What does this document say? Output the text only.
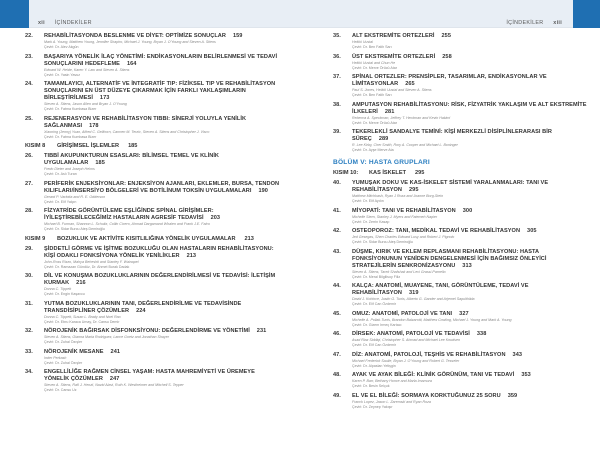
xii İÇİNDEKİLER
22.	REHABİLİTASYONDA BESLENME VE DİYET: OPTİMİZE SONUÇLAR 159
Mark A. Young, Matthew Young, Jennifer Shapiro, Michael J. Young, Bryan J. O'Young and Steven A. Stiens
Çeviri: Dr. Alev Akgün
23.	BAŞARIYA YÖNELİK İLAÇ YÖNETİMİ: ENDİKASYONLARIN BELİRLENMESİ VE TEDAVİ SONUÇLARINI HEDEFLEME 164
Edward W. Heide, Karen Y. Law and Steven A. Stiens
Çeviri: Dr. Yasin Yavuz
24.	TAMAMLAYICI, ALTERNATİF VE İNTEGRATİF TIP: FİZİKSEL TIP VE REHABİLİTASYON SONUÇLARINI EN ÜST DÜZEYE ÇIKARMAK İÇİN FARKLI YAKLAŞIMLARIN BİRLEŞTİRİLMESİ 173
Steven A. Stiens, Jason Allen and Bryan J. O'Young
Çeviri: Dr. Fatma Kumbasa Bizer
25.	REJENERASYON VE REHABİLİTASYON TIBBI: SİNERJİ YOLUYLA YENİLİK SAĞLANMASI 178
Xiaoning (Jenny) Yuan, Alfred C. Gellhorn, Carmen M. Terzic, Steven A. Stiens and Christopher J. Visco
Çeviri: Dr. Fatma Kumbasa Bizer
KISIM 8	GİRİŞİMSEL İŞLEMLER 185
26.	TIBBİ AKUPUNKTURUN ESASLARI: BİLİMSEL TEMEL VE KLİNİK UYGULAMALAR 185
Fredo Dieter and Joseph Helms
Çeviri: Dr. Aslı Turan
27.	PERİFERİK ENJEKSİYONLAR: ENJEKSİYON AJANLARI, EKLEMLER, BURSA, TENDON KILIFLARI/İNSERSİYO BÖLGELERİ VE BOTİLİNUM TOKSİN UYGULAMALARI 190
Gerard P. Varlotta and R. E. Odderson
Çeviri: Dr. Elif Yalçın
28.	FİZYATRİDE GÖRÜNTÜLEME EŞLİĞİNDE SPİNAL GİRİŞİMLER: İYİLEŞTİREBİLECEĞİMİZ HASTALARIN AGRESİF TEDAVİSİ 203
Michael B. Furman, Shannon L. Schultz, Collin Cicero, Ahmad Dargamand Whalen and Frank J.E. Falco
Çeviri: Dr. Sidar Burcu Ateş Demiroğlu
KISIM 9	BOZUKLUK VE AKTİVİTE KISITLILIĞINA YÖNELİK UYGULAMALAR 213
29.	ŞİDDETLİ GÖRME VE İŞİTME BOZUKLUĞU OLAN HASTALARIN REHABİLİTASYONU: KİŞİ ODAKLI FONKSİYONA YÖNELİK YENİLİKLER 213
John-Ross Rizzo, Mahya Beheshti and Stanley F. Wainapel
Çeviri: Dr. Ramazan Gündüz, Dr. Ahmet Burak Dadak
30.	DİL VE KONUŞMA BOZUKLUKLARININ DEĞERLENDİRİLMESİ VE TEDAVİSİ: İLETİŞİM KURMAK 216
Donna C. Tippett
Çeviri: Dr. Engin Kaşavcu
31.	YUTMA BOZUKLUKLARININ TANI, DEĞERLENDİRİLME VE TEDAVİSİNDE TRANSDİSİPLİNER ÇÖZÜMLER 224
Donna C. Tippett, Susan L. Brady and Noel Rao
Çeviri: Dr. Ebru Karaca Umay, Dr. Cansu Demir
32.	NÖROJENİK BAĞIRSAK DİSFONKSİYONU: DEĞERLENDİRME VE YÖNETİMİ 231
Steven A. Stiens, Gianna Maria Rodriguez, Lance Goetz and Jonathan Shayer
Çeviri: Dr. Zuhal Özışler
33.	NÖROJENİK MESANE 241
Inder Perkash
Çeviri: Dr. Zuhal Özışler
34.	ENGELLİLİĞE RAĞMEN CİNSEL YAŞAM: HASTA MAHREMİYETİ VE ÜREMEYE YÖNELİK ÇÖZÜMLER 247
Steven A. Stiens, Rafi J. Heruti, Navid Alavi, Ruth K. Westheimer and Mitchell S. Tepper
Çeviri: Dr. Cansu Uz
İÇİNDEKİLER xiii
35.	ALT EKSTREMİTE ORTEZLERİ 255
Heikki Uustal
Çeviri: Dr. Ben Fatih Sarı
36.	ÜST EKSTREMİTE ORTEZLERİ 258
Heikki Uustal and Chun He
Çeviri: Dr. Merve Örücü Atar
37.	SPİNAL ORTEZLER: PRENSİPLER, TASARIMLAR, ENDİKASYONLAR VE LİMİTASYONLAR 265
Paul S. Jones, Heikki Uustal and Steven A. Stiens
Çeviri: Dr. Ben Fatih Sarı
38.	AMPUTASYON REHABİLİTASYONU: RİSK, FİZYATRİK YAKLAŞIM VE ALT EKSTREMİTE İLKELERİ 281
Rebecca A. Speckman, Jeffrey T. Heckman and Kevin Hakimi
Çeviri: Dr. Merve Örücü Atar
39.	TEKERLEKLİ SANDALYE TEMİNİ: KİŞİ MERKEZLİ DİSİPLİNLERARASI BİR SÜREÇ 289
R. Lee Kirby, Cher Smith, Rory A. Cooper and Michael L. Boninger
Çeviri: Dr. Ayşe Merve Ata
BÖLÜM V: HASTA GRUPLARI
KISIM 10:	KAS İSKELET 295
40.	YUMUŞAK DOKU VE KAS-İSKELET SİSTEMİ YARALANMALARI: TANI VE REHABİLİTASYON 295
Matthew Mitchkash, Ryan J Roza and Joanne Borg-Stein
Çeviri: Dr. Elif Aydın
41.	MİYOPATİ: TANI VE REHABİLİTASYON 300
Michelle Stern, Stanley J. Myers and Fatemeh Napier
Çeviri: Dr. Zerrin Kasap
42.	OSTEOPOROZ: TANI, MEDİKAL TEDAVİ VE REHABİLİTASYON 305
Jed Gesegas, Shen Charles Edward Lusy and Robert J. Pignolo
Çeviri: Dr. Sidar Burcu Ateş Demiroğlu
43.	DÜŞME, KIRIK VE EKLEM REPLASMANI REHABİLİTASYONU: HASTA FONKSİYONUNUN YENİDEN DENGELENMESİ İÇİN BAĞIMSIZ ÖNLEYİCİ STRATEJİLERİN SENKRONİZASYONU 313
Steven A. Stiens, Tarek Shafshak and Levi Grassi-Parnello
Çeviri: Dr. Meral Bilgilisoy Filiz
44.	KALÇA: ANATOMİ, MUAYENE, TANI, GÖRÜNTÜLEME, TEDAVİ VE REHABİLİTASYON 319
David J. Kohlove, Justin G. Tunis, Alberto G. Gander and Arjemel Sapulthiida
Çeviri: Dr. Elif Can Özdemir
45.	OMUZ: ANATOMİ, PATOLOJİ VE TANI 327
Michelle A. Poliak-Tunis, Brandon Balzarotti, Matthew Cowling, Michael J. Young and Mark A. Young
Çeviri: Dr. Gizem Irmeç Kartacı
46.	DİRSEK: ANATOMİ, PATOLOJİ VE TEDAVİSİ 338
Asad Riaz Siddiqi, Christopher S. Ahmad and Michael Lee Knudsen
Çeviri: Dr. Elif Can Özdemir
47.	DİZ: ANATOMİ, PATOLOJİ, TEŞHİS VE REHABİLİTASYON 343
Michael Frederick Saulle, Bryan J. O'Young and Robert G. Tesseler
Çeviri: Dr. Alpaslan Yetişgin
48.	AYAK VE AYAK BİLEĞİ: KLİNİK GÖRÜNÜM, TANI VE TEDAVİ 353
Karen P. Barr, Bethany Honce and Marla Imamura
Çeviri: Dr. Besin Selçuk
49.	EL VE EL BİLEĞİ: SORMAYA KORKTUĞUNUZ 25 SORU 359
Franck Lopez, Jason L. Zaremski and Ryan Roza
Çeviri: Dr. Zeynep Yakışır
